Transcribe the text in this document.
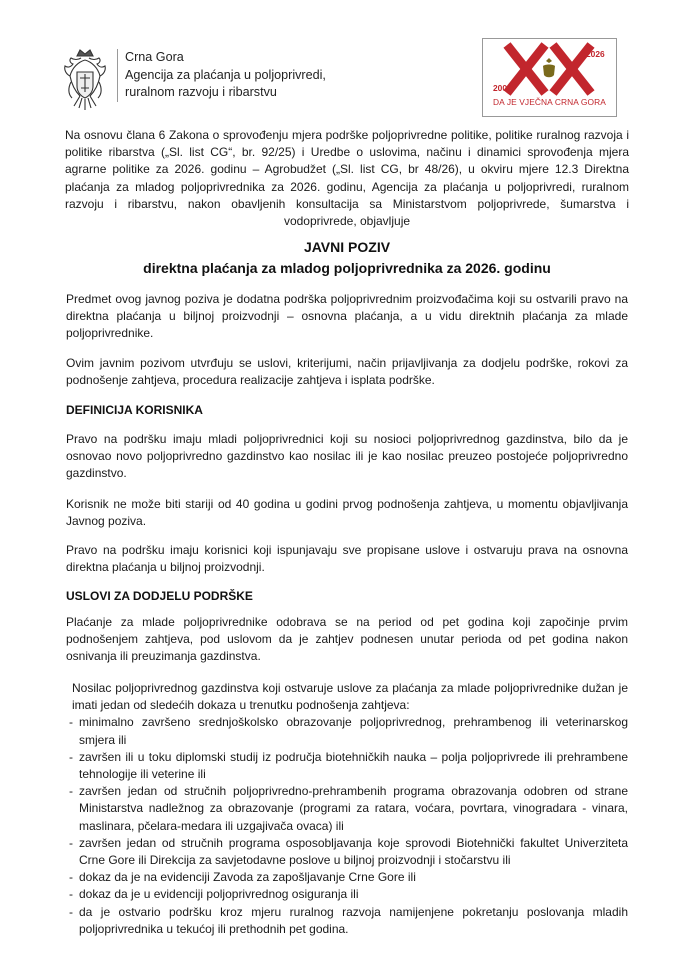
Crna Gora
Agencija za plaćanja u poljoprivredi,
ruralnom razvoju i ribarstvu	2006.
2026
DA JE VJEČNA CRNA GORA
Na osnovu člana 6 Zakona o sprovođenju mjera podrške poljoprivredne politike, politike ruralnog razvoja i politike ribarstva („Sl. list CG“, br. 92/25) i Uredbe o uslovima, načinu i dinamici sprovođenja mjera agrarne politike za 2026. godinu – Agrobudžet („Sl. list CG, br 48/26), u okviru mjere 12.3 Direktna plaćanja za mladog poljoprivrednika za 2026. godinu, Agencija za plaćanja u poljoprivredi, ruralnom razvoju i ribarstvu, nakon obavljenih konsultacija sa Ministarstvom poljoprivrede, šumarstva i vodoprivrede, objavljuje
JAVNI POZIV
direktna plaćanja za mladog poljoprivrednika za 2026. godinu
Predmet ovog javnog poziva je dodatna podrška poljoprivrednim proizvođačima koji su ostvarili pravo na direktna plaćanja u biljnoj proizvodnji – osnovna plaćanja, a u vidu direktnih plaćanja za mlade poljoprivrednike.
Ovim javnim pozivom utvrđuju se uslovi, kriterijumi, način prijavljivanja za dodjelu podrške, rokovi za podnošenje zahtjeva, procedura realizacije zahtjeva i isplata podrške.
DEFINICIJA KORISNIKA
Pravo na podršku imaju mladi poljoprivrednici koji su nosioci poljoprivrednog gazdinstva, bilo da je osnovao novo poljoprivredno gazdinstvo kao nosilac ili je kao nosilac preuzeo postojeće poljoprivredno gazdinstvo.
Korisnik ne može biti stariji od 40 godina u godini prvog podnošenja zahtjeva, u momentu objavljivanja Javnog poziva.
Pravo na podršku imaju korisnici koji ispunjavaju sve propisane uslove i ostvaruju prava na osnovna direktna plaćanja u biljnoj proizvodnji.
USLOVI ZA DODJELU PODRŠKE
Plaćanje za mlade poljoprivrednike odobrava se na period od pet godina koji započinje prvim podnošenjem zahtjeva, pod uslovom da je zahtjev podnesen unutar perioda od pet godina nakon osnivanja ili preuzimanja gazdinstva.
Nosilac poljoprivrednog gazdinstva koji ostvaruje uslove za plaćanja za mlade poljoprivrednike dužan je imati jedan od sledećih dokaza u trenutku podnošenja zahtjeva:
- minimalno završeno srednjoškolsko obrazovanje poljoprivrednog, prehrambenog ili veterinarskog smjera ili
- završen ili u toku diplomski studij iz područja biotehničkih nauka – polja poljoprivrede ili prehrambene tehnologije ili veterine ili
- završen jedan od stručnih poljoprivredno-prehrambenih programa obrazovanja odobren od strane Ministarstva nadležnog za obrazovanje (programi za ratara, voćara, povrtara, vinogradara - vinara, maslinara, pčelara-medara ili uzgajivača ovaca) ili
- završen jedan od stručnih programa osposobljavanja koje sprovodi Biotehnički fakultet Univerziteta Crne Gore ili Direkcija za savjetodavne poslove u biljnoj proizvodnji i stočarstvu ili
- dokaz da je na evidenciji Zavoda za zapošljavanje Crne Gore ili
- dokaz da je u evidenciji poljoprivrednog osiguranja ili
- da je ostvario podršku kroz mjeru ruralnog razvoja namijenjene pokretanju poslovanja mladih poljoprivrednika u tekućoj ili prethodnih pet godina.
